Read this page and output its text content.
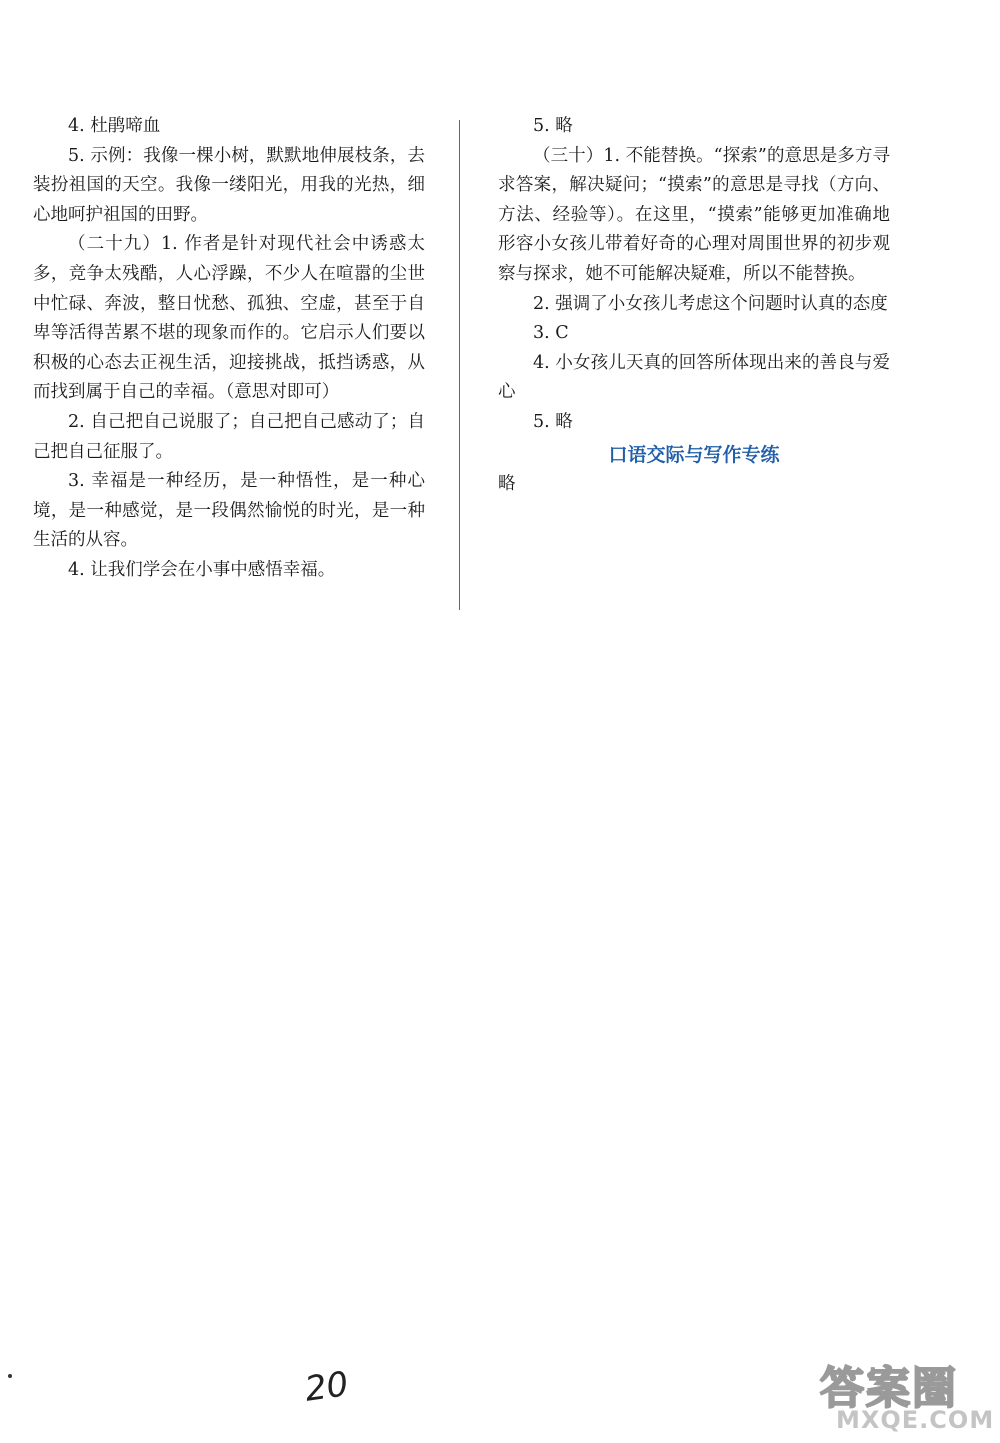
4. 杜鹃啼血

5. 示例：我像一棵小树，默默地伸展枝条，去装扮祖国的天空。我像一缕阳光，用我的光热，细心地呵护祖国的田野。

（二十九）1. 作者是针对现代社会中诱惑太多，竞争太残酷，人心浮躁，不少人在喧嚣的尘世中忙碌、奔波，整日忧愁、孤独、空虚，甚至于自卑等活得苦累不堪的现象而作的。它启示人们要以积极的心态去正视生活，迎接挑战，抵挡诱惑，从而找到属于自己的幸福。（意思对即可）

2. 自己把自己说服了；自己把自己感动了；自己把自己征服了。

3. 幸福是一种经历，是一种悟性，是一种心境，是一种感觉，是一段偶然愉悦的时光，是一种生活的从容。

4. 让我们学会在小事中感悟幸福。

5. 略

（三十）1. 不能替换。“探索”的意思是多方寻求答案，解决疑问；“摸索”的意思是寻找（方向、方法、经验等）。在这里，“摸索”能够更加准确地形容小女孩儿带着好奇的心理对周围世界的初步观察与探求，她不可能解决疑难，所以不能替换。

2. 强调了小女孩儿考虑这个问题时认真的态度

3. C

4. 小女孩儿天真的回答所体现出来的善良与爱心

5. 略

口语交际与写作专练

略

20	答案圈
MXQE.COM
